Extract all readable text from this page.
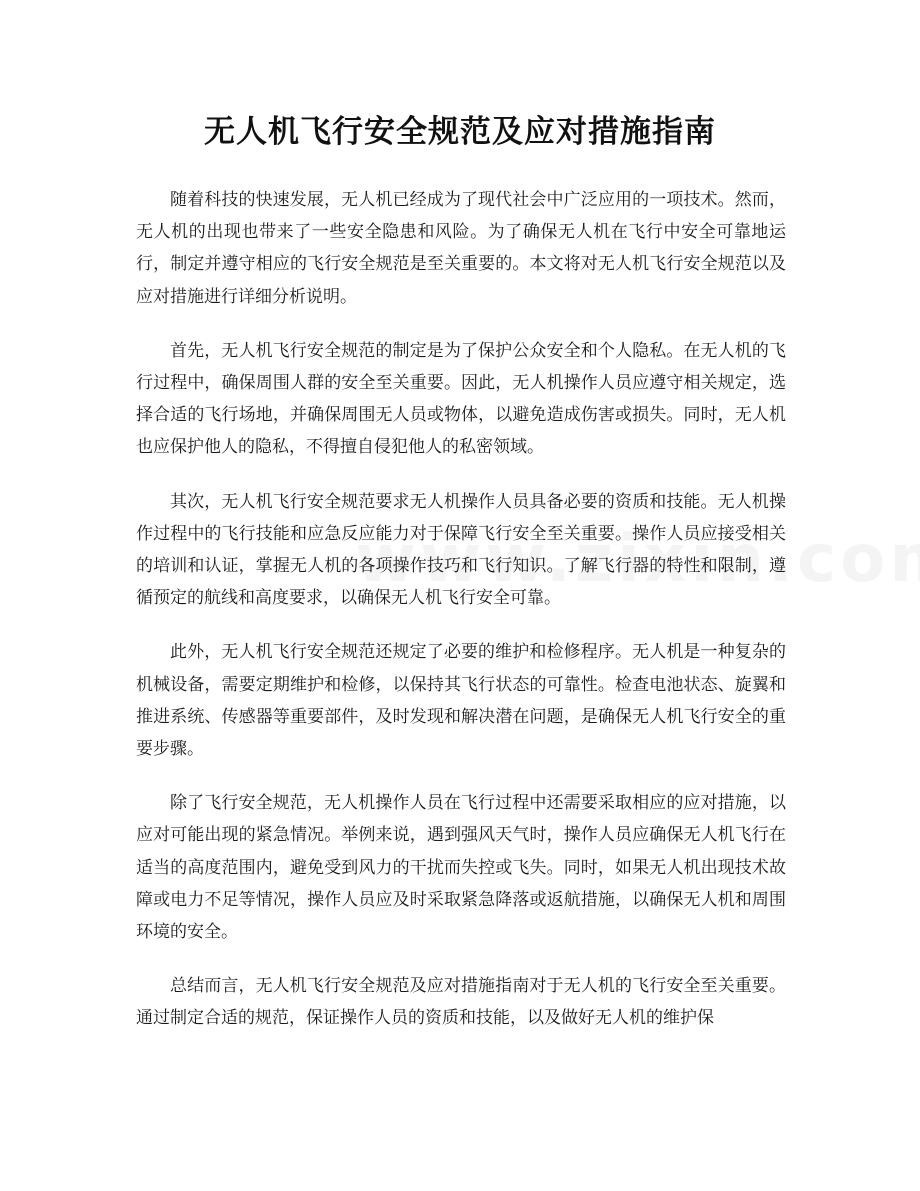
无人机飞行安全规范及应对措施指南

随着科技的快速发展，无人机已经成为了现代社会中广泛应用的一项技术。然而，无人机的出现也带来了一些安全隐患和风险。为了确保无人机在飞行中安全可靠地运行，制定并遵守相应的飞行安全规范是至关重要的。本文将对无人机飞行安全规范以及应对措施进行详细分析说明。

首先，无人机飞行安全规范的制定是为了保护公众安全和个人隐私。在无人机的飞行过程中，确保周围人群的安全至关重要。因此，无人机操作人员应遵守相关规定，选择合适的飞行场地，并确保周围无人员或物体，以避免造成伤害或损失。同时，无人机也应保护他人的隐私，不得擅自侵犯他人的私密领域。

其次，无人机飞行安全规范要求无人机操作人员具备必要的资质和技能。无人机操作过程中的飞行技能和应急反应能力对于保障飞行安全至关重要。操作人员应接受相关的培训和认证，掌握无人机的各项操作技巧和飞行知识。了解飞行器的特性和限制，遵循预定的航线和高度要求，以确保无人机飞行安全可靠。

此外，无人机飞行安全规范还规定了必要的维护和检修程序。无人机是一种复杂的机械设备，需要定期维护和检修，以保持其飞行状态的可靠性。检查电池状态、旋翼和推进系统、传感器等重要部件，及时发现和解决潜在问题，是确保无人机飞行安全的重要步骤。

除了飞行安全规范，无人机操作人员在飞行过程中还需要采取相应的应对措施，以应对可能出现的紧急情况。举例来说，遇到强风天气时，操作人员应确保无人机飞行在适当的高度范围内，避免受到风力的干扰而失控或飞失。同时，如果无人机出现技术故障或电力不足等情况，操作人员应及时采取紧急降落或返航措施，以确保无人机和周围环境的安全。

总结而言，无人机飞行安全规范及应对措施指南对于无人机的飞行安全至关重要。通过制定合适的规范，保证操作人员的资质和技能，以及做好无人机的维护保
